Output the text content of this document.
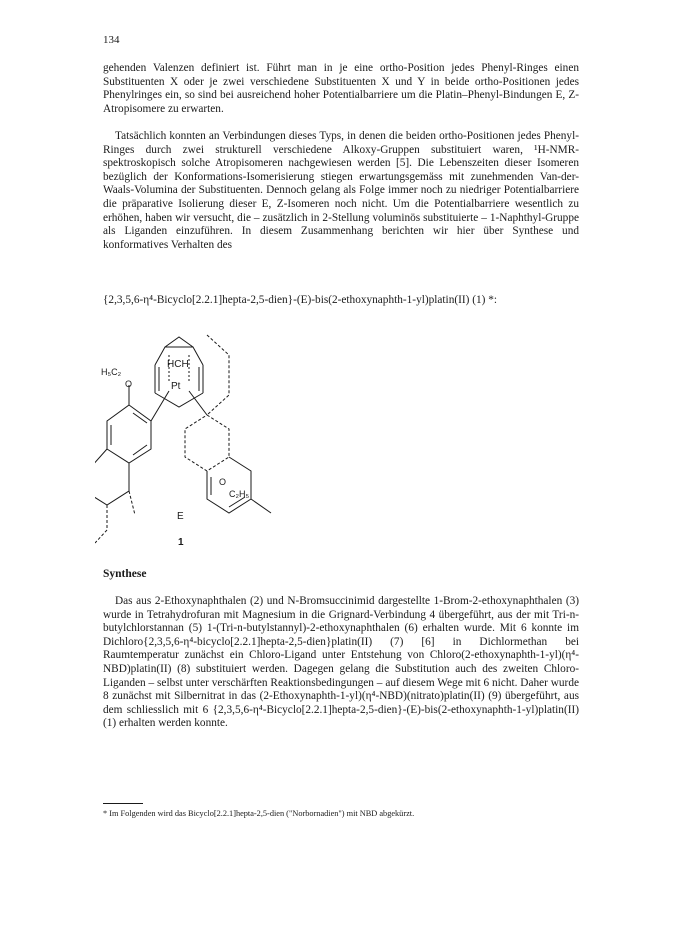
134

gehenden Valenzen definiert ist. Führt man in je eine ortho-Position jedes Phenyl-Ringes einen Substituenten X oder je zwei verschiedene Substituenten X und Y in beide ortho-Positionen jedes Phenylringes ein, so sind bei ausreichend hoher Potentialbarriere um die Platin–Phenyl-Bindungen E, Z-Atropisomere zu erwarten.

Tatsächlich konnten an Verbindungen dieses Typs, in denen die beiden ortho-Positionen jedes Phenyl-Ringes durch zwei strukturell verschiedene Alkoxy-Gruppen substituiert waren, ¹H-NMR-spektroskopisch solche Atropisomeren nachgewiesen werden [5]. Die Lebenszeiten dieser Isomeren bezüglich der Konformations-Isomerisierung stiegen erwartungsgemäss mit zunehmenden Van-der-Waals-Volumina der Substituenten. Dennoch gelang als Folge immer noch zu niedriger Potentialbarriere die präparative Isolierung dieser E, Z-Isomeren noch nicht. Um die Potentialbarriere wesentlich zu erhöhen, haben wir versucht, die – zusätzlich in 2-Stellung voluminös substituierte – 1-Naphthyl-Gruppe als Liganden einzuführen. In diesem Zusammenhang berichten wir hier über Synthese und konformatives Verhalten des

{2,3,5,6-η⁴-Bicyclo[2.2.1]hepta-2,5-dien}-(E)-bis(2-ethoxynaphth-1-yl)platin(II) (1) *:

HCH
Pt
H₅C₂
O
O
C₂H₅
E
1
Synthese

Das aus 2-Ethoxynaphthalen (2) und N-Bromsuccinimid dargestellte 1-Brom-2-ethoxynaphthalen (3) wurde in Tetrahydrofuran mit Magnesium in die Grignard-Verbindung 4 übergeführt, aus der mit Tri-n-butylchlorstannan (5) 1-(Tri-n-butylstannyl)-2-ethoxynaphthalen (6) erhalten wurde. Mit 6 konnte im Dichloro{2,3,5,6-η⁴-bicyclo[2.2.1]hepta-2,5-dien}platin(II) (7) [6] in Dichlormethan bei Raumtemperatur zunächst ein Chloro-Ligand unter Entstehung von Chloro(2-ethoxynaphth-1-yl)(η⁴-NBD)platin(II) (8) substituiert werden. Dagegen gelang die Substitution auch des zweiten Chloro-Liganden – selbst unter verschärften Reaktionsbedingungen – auf diesem Wege mit 6 nicht. Daher wurde 8 zunächst mit Silbernitrat in das (2-Ethoxynaphth-1-yl)(η⁴-NBD)(nitrato)platin(II) (9) übergeführt, aus dem schliesslich mit 6 {2,3,5,6-η⁴-Bicyclo[2.2.1]hepta-2,5-dien}-(E)-bis(2-ethoxynaphth-1-yl)platin(II) (1) erhalten werden konnte.

* Im Folgenden wird das Bicyclo[2.2.1]hepta-2,5-dien ("Norbornadien") mit NBD abgekürzt.
